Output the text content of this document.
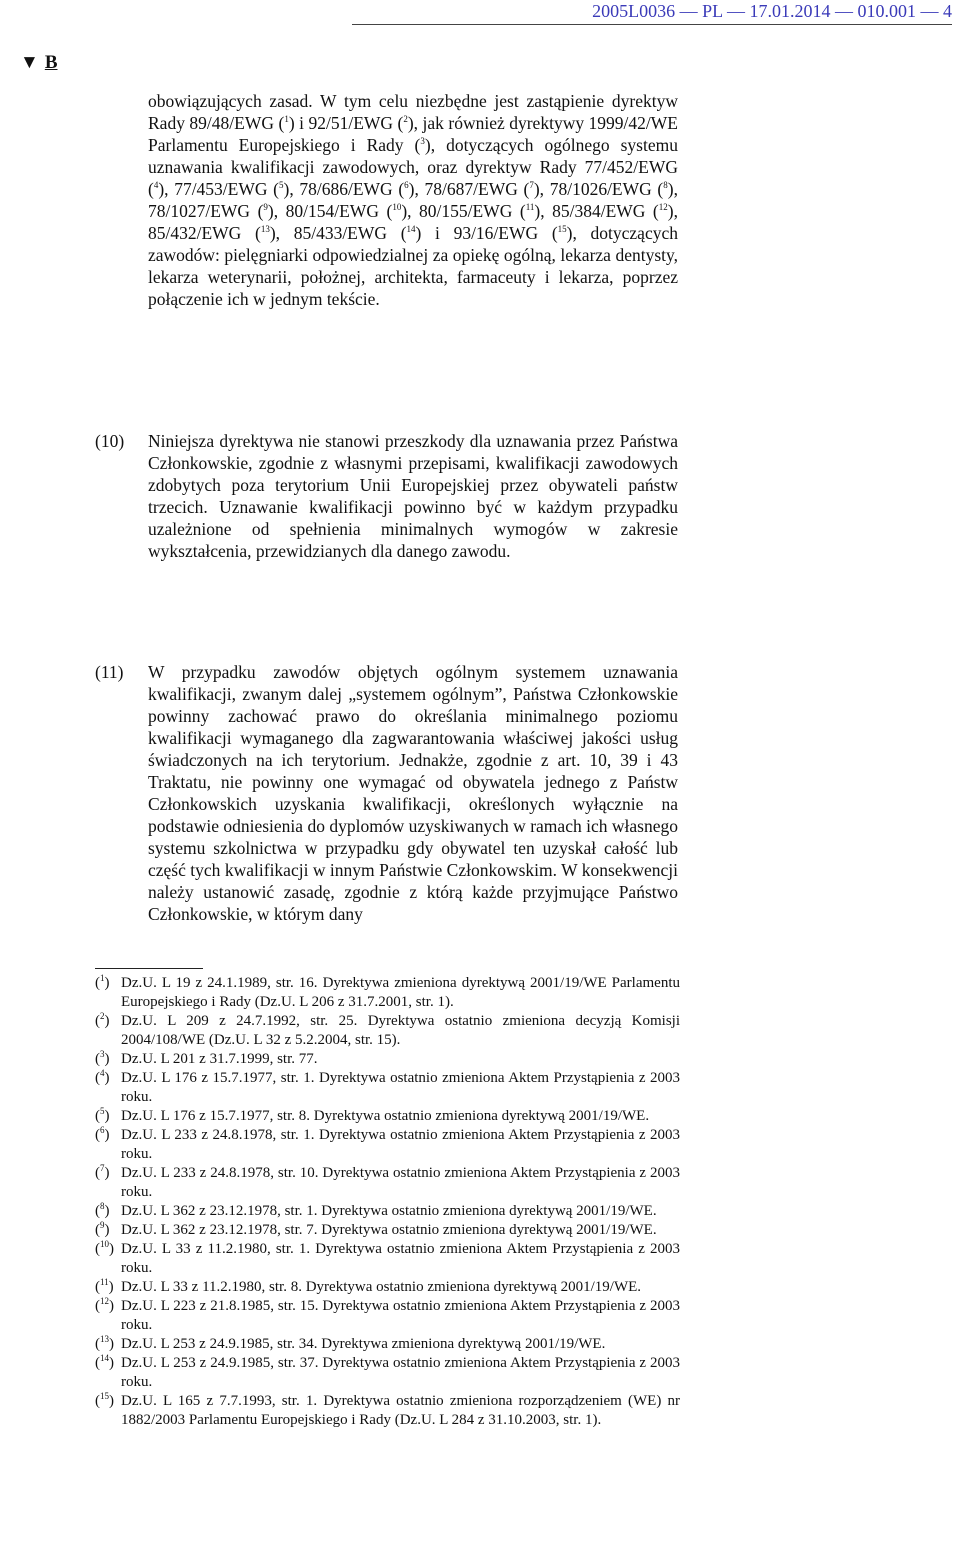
2005L0036 — PL — 17.01.2014 — 010.001 — 4
▼ B
obowiązujących zasad. W tym celu niezbędne jest zastąpienie dyrektyw Rady 89/48/EWG ($^1$) i 92/51/EWG ($^2$), jak również dyrektywy 1999/42/WE Parlamentu Europejskiego i Rady ($^3$), dotyczących ogólnego systemu uznawania kwalifikacji zawodowych, oraz dyrektyw Rady 77/452/EWG ($^4$), 77/453/EWG ($^5$), 78/686/EWG ($^6$), 78/687/EWG ($^7$), 78/1026/EWG ($^8$), 78/1027/EWG ($^9$), 80/154/EWG ($^{10}$), 80/155/EWG ($^{11}$), 85/384/EWG ($^{12}$), 85/432/EWG ($^{13}$), 85/433/EWG ($^{14}$) i 93/16/EWG ($^{15}$), dotyczących zawodów: pielęgniarki odpowiedzialnej za opiekę ogólną, lekarza dentysty, lekarza weterynarii, położnej, architekta, farmaceuty i lekarza, poprzez połączenie ich w jednym tekście.
(10) Niniejsza dyrektywa nie stanowi przeszkody dla uznawania przez Państwa Członkowskie, zgodnie z własnymi przepisami, kwalifikacji zawodowych zdobytych poza terytorium Unii Europejskiej przez obywateli państw trzecich. Uznawanie kwalifikacji powinno być w każdym przypadku uzależnione od spełnienia minimalnych wymogów w zakresie wykształcenia, przewidzianych dla danego zawodu.
(11) W przypadku zawodów objętych ogólnym systemem uznawania kwalifikacji, zwanym dalej „systemem ogólnym”, Państwa Członkowskie powinny zachować prawo do określania minimalnego poziomu kwalifikacji wymaganego dla zagwarantowania właściwej jakości usług świadczonych na ich terytorium. Jednakże, zgodnie z art. 10, 39 i 43 Traktatu, nie powinny one wymagać od obywatela jednego z Państw Członkowskich uzyskania kwalifikacji, określonych wyłącznie na podstawie odniesienia do dyplomów uzyskiwanych w ramach ich własnego systemu szkolnictwa w przypadku gdy obywatel ten uzyskał całość lub część tych kwalifikacji w innym Państwie Członkowskim. W konsekwencji należy ustanowić zasadę, zgodnie z którą każde przyjmujące Państwo Członkowskie, w którym dany

($^1$) Dz.U. L 19 z 24.1.1989, str. 16. Dyrektywa zmieniona dyrektywą 2001/19/WE Parlamentu Europejskiego i Rady (Dz.U. L 206 z 31.7.2001, str. 1).

($^2$) Dz.U. L 209 z 24.7.1992, str. 25. Dyrektywa ostatnio zmieniona decyzją Komisji 2004/108/WE (Dz.U. L 32 z 5.2.2004, str. 15).

($^3$) Dz.U. L 201 z 31.7.1999, str. 77.

($^4$) Dz.U. L 176 z 15.7.1977, str. 1. Dyrektywa ostatnio zmieniona Aktem Przystąpienia z 2003 roku.

($^5$) Dz.U. L 176 z 15.7.1977, str. 8. Dyrektywa ostatnio zmieniona dyrektywą 2001/19/WE.

($^6$) Dz.U. L 233 z 24.8.1978, str. 1. Dyrektywa ostatnio zmieniona Aktem Przystąpienia z 2003 roku.

($^7$) Dz.U. L 233 z 24.8.1978, str. 10. Dyrektywa ostatnio zmieniona Aktem Przystąpienia z 2003 roku.

($^8$) Dz.U. L 362 z 23.12.1978, str. 1. Dyrektywa ostatnio zmieniona dyrektywą 2001/19/WE.

($^9$) Dz.U. L 362 z 23.12.1978, str. 7. Dyrektywa ostatnio zmieniona dyrektywą 2001/19/WE.

($^{10}$) Dz.U. L 33 z 11.2.1980, str. 1. Dyrektywa ostatnio zmieniona Aktem Przystąpienia z 2003 roku.

($^{11}$) Dz.U. L 33 z 11.2.1980, str. 8. Dyrektywa ostatnio zmieniona dyrektywą 2001/19/WE.

($^{12}$) Dz.U. L 223 z 21.8.1985, str. 15. Dyrektywa ostatnio zmieniona Aktem Przystąpienia z 2003 roku.

($^{13}$) Dz.U. L 253 z 24.9.1985, str. 34. Dyrektywa zmieniona dyrektywą 2001/19/WE.

($^{14}$) Dz.U. L 253 z 24.9.1985, str. 37. Dyrektywa ostatnio zmieniona Aktem Przystąpienia z 2003 roku.

($^{15}$) Dz.U. L 165 z 7.7.1993, str. 1. Dyrektywa ostatnio zmieniona rozporządzeniem (WE) nr 1882/2003 Parlamentu Europejskiego i Rady (Dz.U. L 284 z 31.10.2003, str. 1).
